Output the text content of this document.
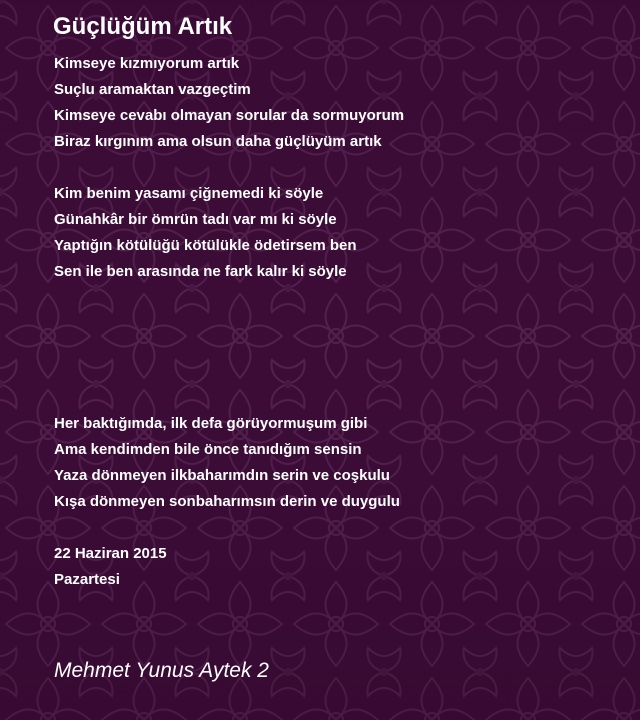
Güçlüğüm Artık
Kimseye kızmıyorum artık
Suçlu aramaktan vazgeçtim
Kimseye cevabı olmayan sorular da sormuyorum
Biraz kırgınım ama olsun daha güçlüyüm artık
Kim benim yasamı çiğnemedi ki söyle
Günahkâr bir ömrün tadı var mı ki söyle
Yaptığın kötülüğü kötülükle ödetirsem ben
Sen ile ben arasında ne fark kalır ki söyle
Her baktığımda, ilk defa görüyormuşum gibi
Ama kendimden bile önce tanıdığım sensin
Yaza dönmeyen ilkbaharımdın serin ve coşkulu
Kışa dönmeyen sonbaharımsın derin ve duygulu
22 Haziran 2015
Pazartesi
Mehmet Yunus Aytek 2
